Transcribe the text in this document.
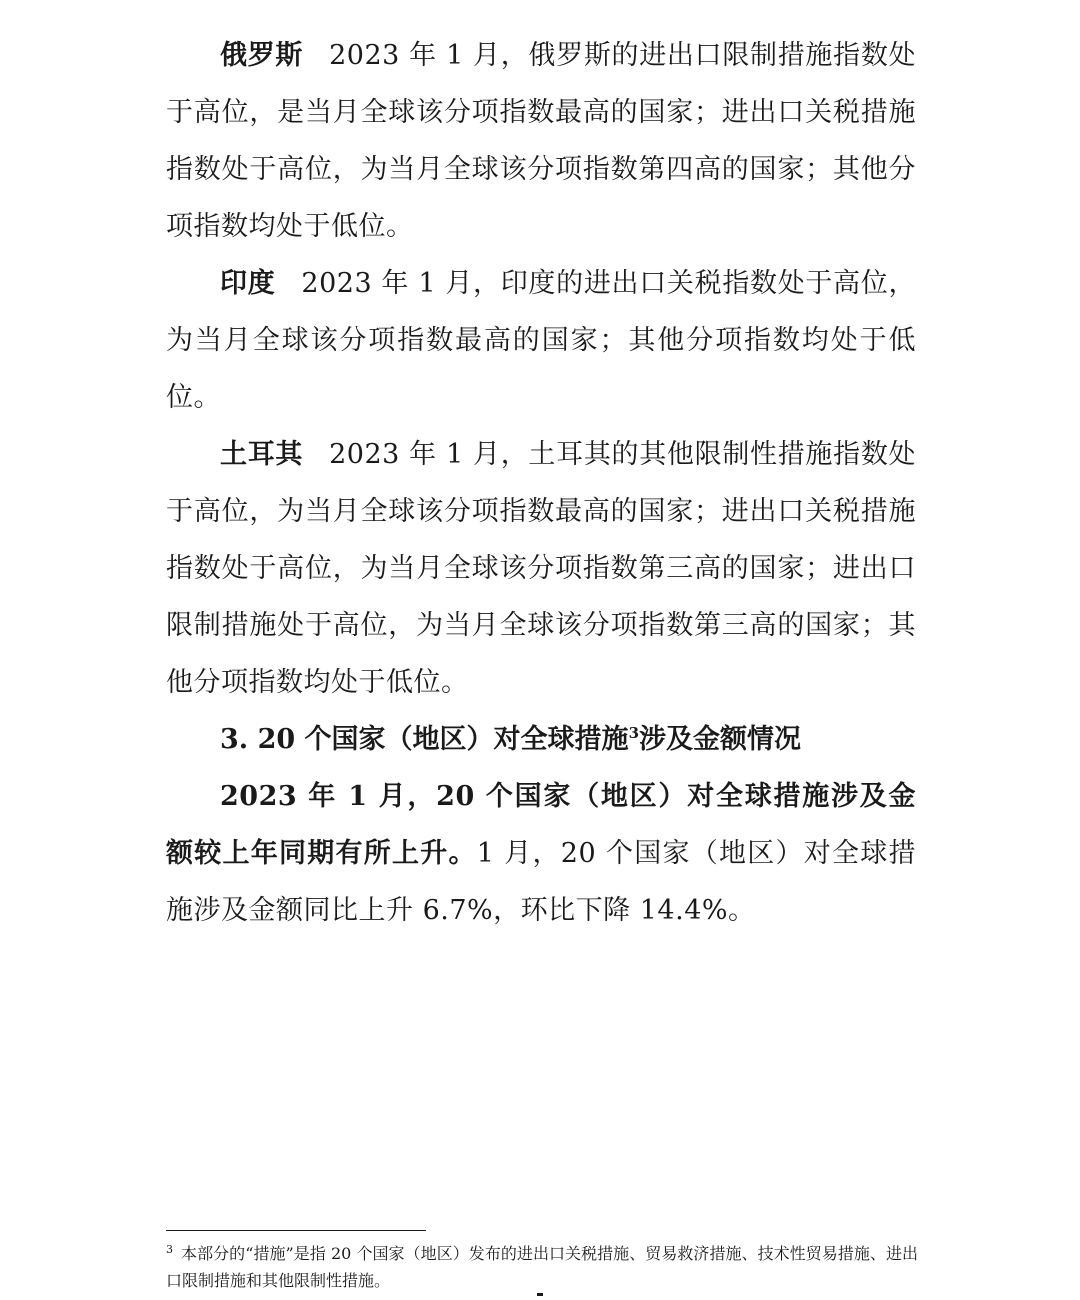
俄罗斯 2023 年 1 月，俄罗斯的进出口限制措施指数处于高位，是当月全球该分项指数最高的国家；进出口关税措施指数处于高位，为当月全球该分项指数第四高的国家；其他分项指数均处于低位。

印度 2023 年 1 月，印度的进出口关税指数处于高位，为当月全球该分项指数最高的国家；其他分项指数均处于低位。

土耳其 2023 年 1 月，土耳其的其他限制性措施指数处于高位，为当月全球该分项指数最高的国家；进出口关税措施指数处于高位，为当月全球该分项指数第三高的国家；进出口限制措施处于高位，为当月全球该分项指数第三高的国家；其他分项指数均处于低位。

3. 20 个国家（地区）对全球措施$^3$涉及金额情况

2023 年 1 月，20 个国家（地区）对全球措施涉及金额较上年同期有所上升。1 月，20 个国家（地区）对全球措施涉及金额同比上升 6.7%，环比下降 14.4%。

$^3$ 本部分的“措施”是指 20 个国家（地区）发布的进出口关税措施、贸易救济措施、技术性贸易措施、进出口限制措施和其他限制性措施。
